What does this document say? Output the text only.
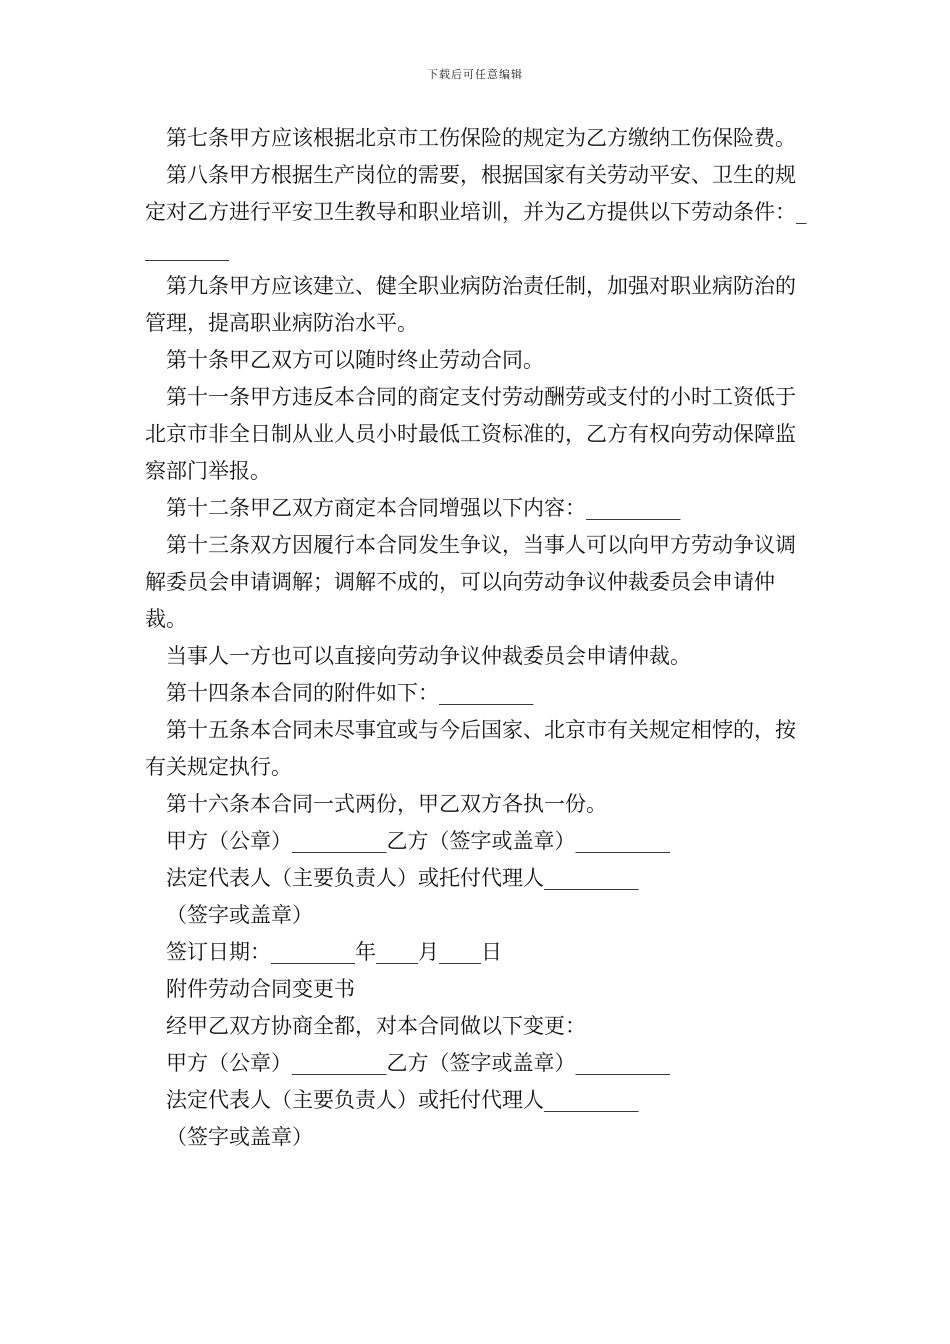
下载后可任意编辑

第七条甲方应该根据北京市工伤保险的规定为乙方缴纳工伤保险费。

第八条甲方根据生产岗位的需要，根据国家有关劳动平安、卫生的规定对乙方进行平安卫生教导和职业培训，并为乙方提供以下劳动条件：_________

第九条甲方应该建立、健全职业病防治责任制，加强对职业病防治的管理，提高职业病防治水平。

第十条甲乙双方可以随时终止劳动合同。

第十一条甲方违反本合同的商定支付劳动酬劳或支付的小时工资低于北京市非全日制从业人员小时最低工资标准的，乙方有权向劳动保障监察部门举报。

第十二条甲乙双方商定本合同增强以下内容：_________

第十三条双方因履行本合同发生争议，当事人可以向甲方劳动争议调解委员会申请调解；调解不成的，可以向劳动争议仲裁委员会申请仲裁。

当事人一方也可以直接向劳动争议仲裁委员会申请仲裁。

第十四条本合同的附件如下：_________

第十五条本合同未尽事宜或与今后国家、北京市有关规定相悖的，按有关规定执行。

第十六条本合同一式两份，甲乙双方各执一份。

甲方（公章）_________乙方（签字或盖章）_________

法定代表人（主要负责人）或托付代理人_________

（签字或盖章）

签订日期：________年____月____日

附件劳动合同变更书

经甲乙双方协商全都，对本合同做以下变更：

甲方（公章）_________乙方（签字或盖章）_________

法定代表人（主要负责人）或托付代理人_________

（签字或盖章）
